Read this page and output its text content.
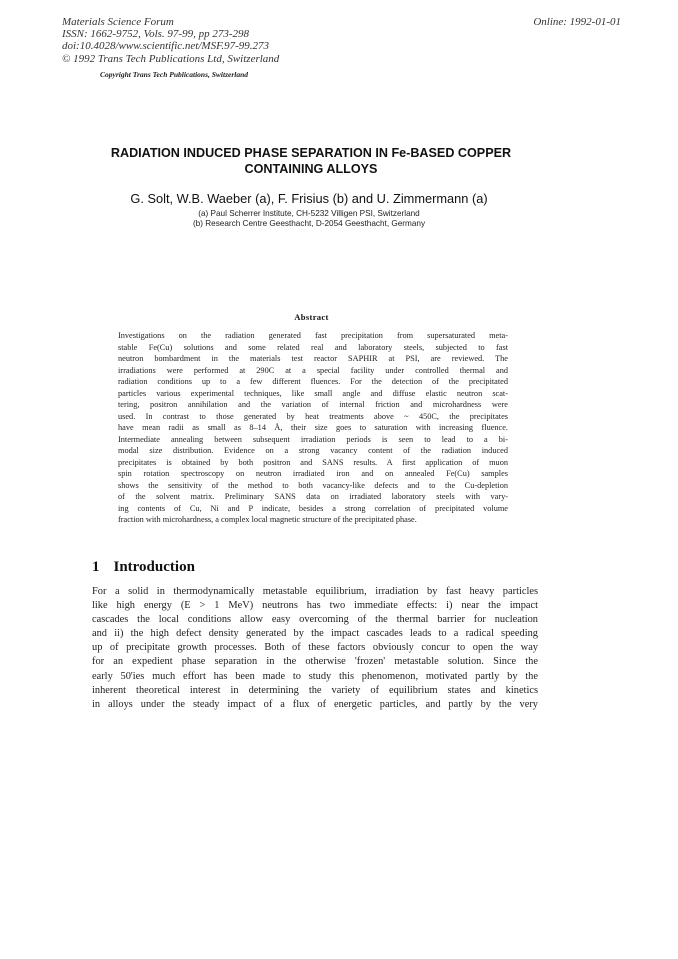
Materials Science Forum
ISSN: 1662-9752, Vols. 97-99, pp 273-298
doi:10.4028/www.scientific.net/MSF.97-99.273
© 1992 Trans Tech Publications Ltd, Switzerland
Copyright Trans Tech Publications, Switzerland
Online: 1992-01-01
RADIATION INDUCED PHASE SEPARATION IN Fe-BASED COPPER
CONTAINING ALLOYS
G. Solt, W.B. Waeber (a), F. Frisius (b) and U. Zimmermann (a)
(a) Paul Scherrer Institute, CH-5232 Villigen PSI, Switzerland
(b) Research Centre Geesthacht, D-2054 Geesthacht, Germany
Abstract
Investigations on the radiation generated fast precipitation from supersaturated meta-
stable Fe(Cu) solutions and some related real and laboratory steels, subjected to fast
neutron bombardment in the materials test reactor SAPHIR at PSI, are reviewed. The
irradiations were performed at 290C at a special facility under controlled thermal and
radiation conditions up to a few different fluences. For the detection of the precipitated
particles various experimental techniques, like small angle and diffuse elastic neutron scat-
tering, positron annihilation and the variation of internal friction and microhardness were
used. In contrast to those generated by heat treatments above ~ 450C, the precipitates
have mean radii as small as 8–14 Å, their size goes to saturation with increasing fluence.
Intermediate annealing between subsequent irradiation periods is seen to lead to a bi-
modal size distribution. Evidence on a strong vacancy content of the radiation induced
precipitates is obtained by both positron and SANS results. A first application of muon
spin rotation spectroscopy on neutron irradiated iron and on annealed Fe(Cu) samples
shows the sensitivity of the method to both vacancy-like defects and to the Cu-depletion
of the solvent matrix. Preliminary SANS data on irradiated laboratory steels with vary-
ing contents of Cu, Ni and P indicate, besides a strong correlation of precipitated volume
fraction with microhardness, a complex local magnetic structure of the precipitated phase.
1 Introduction
For a solid in thermodynamically metastable equilibrium, irradiation by fast heavy particles
like high energy (E > 1 MeV) neutrons has two immediate effects: i) near the impact
cascades the local conditions allow easy overcoming of the thermal barrier for nucleation
and ii) the high defect density generated by the impact cascades leads to a radical speeding
up of precipitate growth processes. Both of these factors obviously concur to open the way
for an expedient phase separation in the otherwise 'frozen' metastable solution. Since the
early 50'ies much effort has been made to study this phenomenon, motivated partly by the
inherent theoretical interest in determining the variety of equilibrium states and kinetics
in alloys under the steady impact of a flux of energetic particles, and partly by the very
